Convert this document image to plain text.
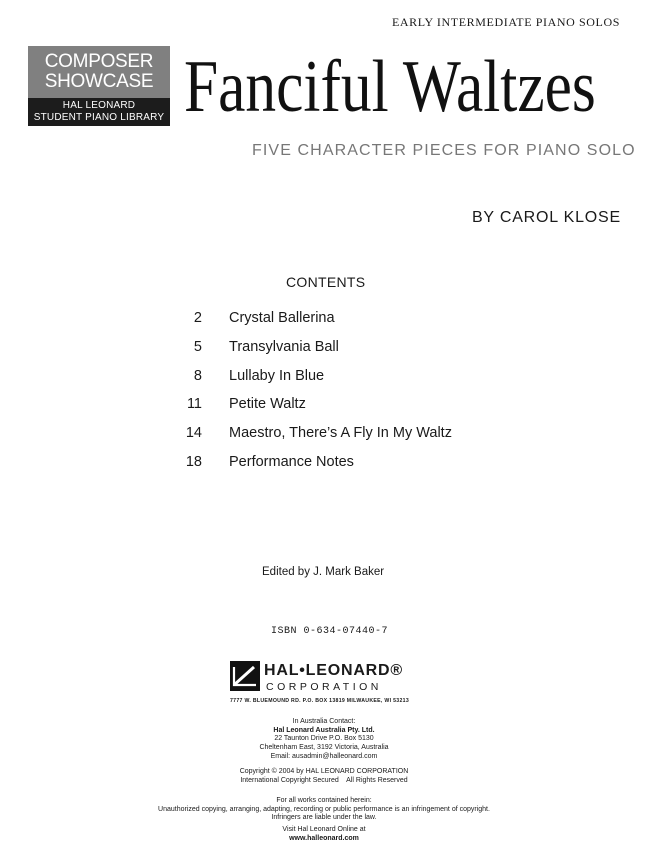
EARLY INTERMEDIATE PIANO SOLOS
COMPOSER
SHOWCASE
HAL LEONARD
STUDENT PIANO LIBRARY Fanciful Waltzes
FIVE CHARACTER PIECES FOR PIANO SOLO
BY CAROL KLOSE
CONTENTS
2 Crystal Ballerina
5 Transylvania Ball
8 Lullaby In Blue
11 Petite Waltz
14 Maestro, There’s A Fly In My Waltz
18 Performance Notes
Edited by J. Mark Baker
ISBN 0-634-07440-7
HAL•LEONARD®
CORPORATION
7777 W. BLUEMOUND RD. P.O. BOX 13819 MILWAUKEE, WI 53213
In Australia Contact:
Hal Leonard Australia Pty. Ltd.
22 Taunton Drive P.O. Box 5130
Cheltenham East, 3192 Victoria, Australia
Email: ausadmin@halleonard.com
Copyright © 2004 by HAL LEONARD CORPORATION
International Copyright Secured    All Rights Reserved
For all works contained herein:
Unauthorized copying, arranging, adapting, recording or public performance is an infringement of copyright.
Infringers are liable under the law.
Visit Hal Leonard Online at
www.halleonard.com
